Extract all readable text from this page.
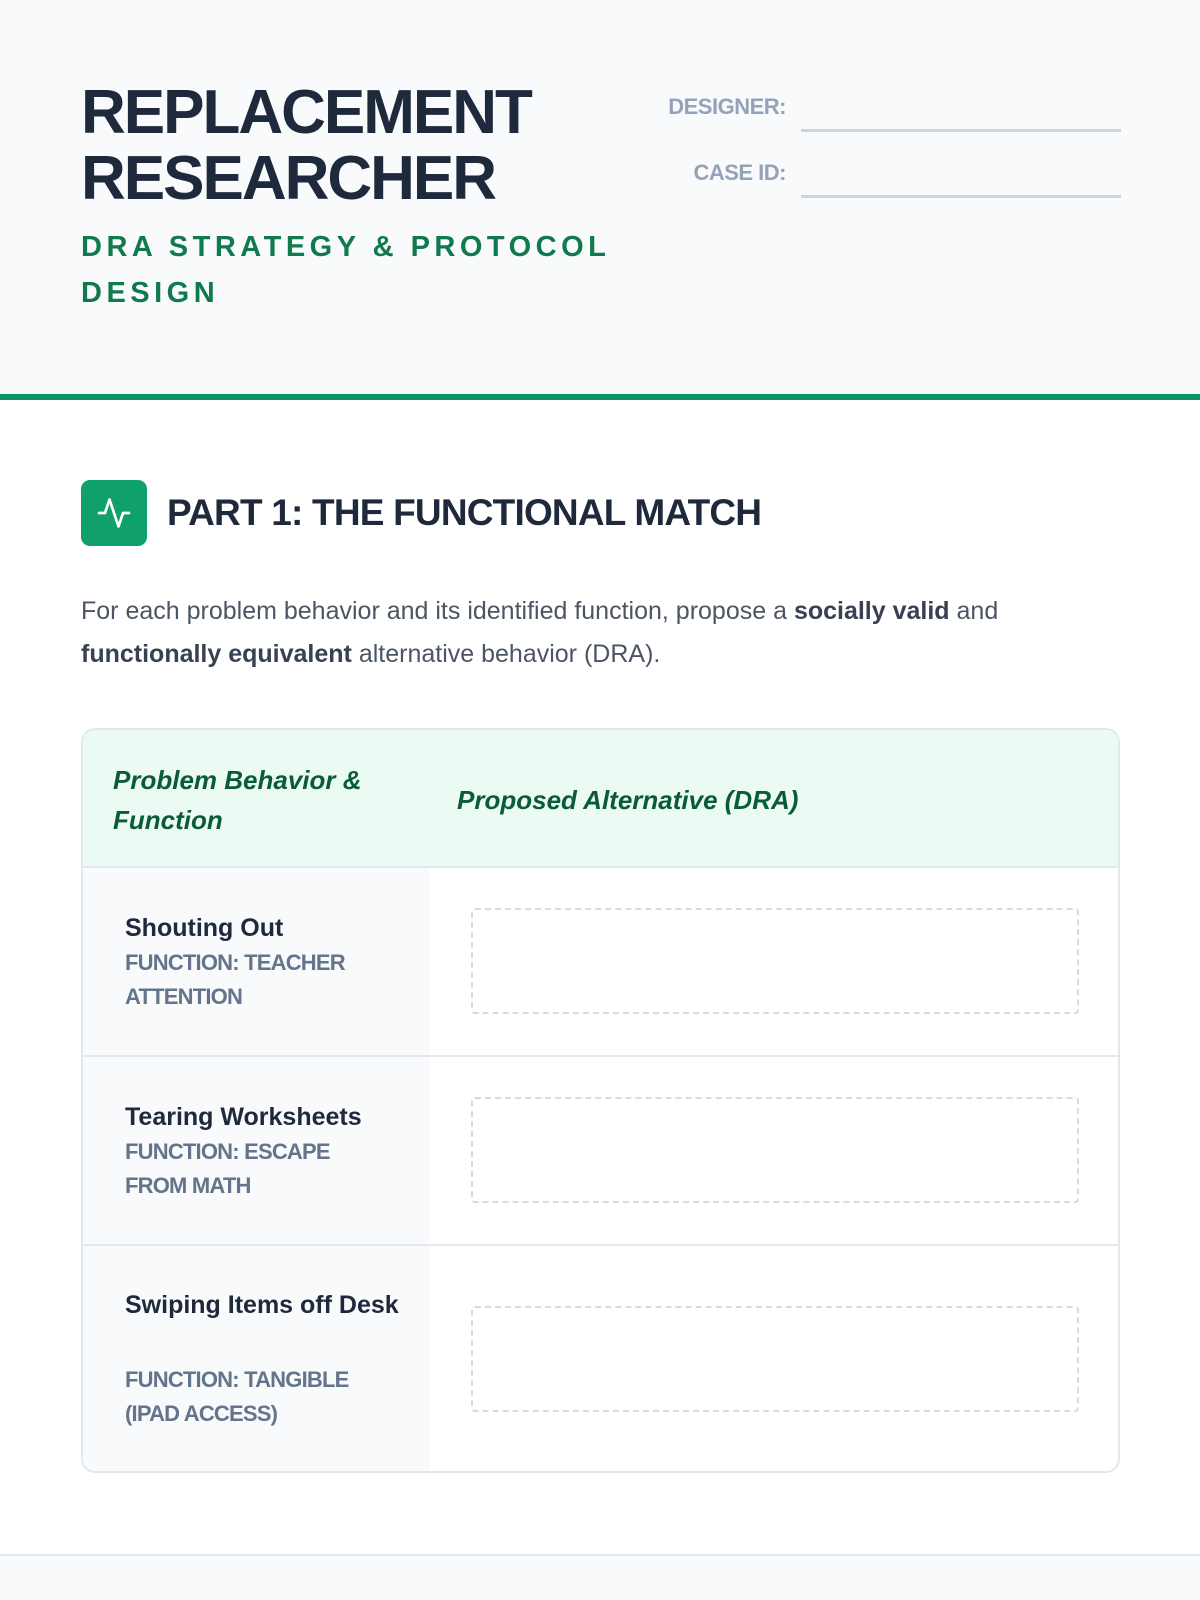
REPLACEMENT
RESEARCHER
DRA STRATEGY & PROTOCOL DESIGN
DESIGNER:
CASE ID:
PART 1: THE FUNCTIONAL MATCH

For each problem behavior and its identified function, propose a socially valid and functionally equivalent alternative behavior (DRA).

Problem Behavior & Function
Proposed Alternative (DRA)
Shouting Out
FUNCTION: TEACHER ATTENTION
Tearing Worksheets
FUNCTION: ESCAPE FROM MATH
Swiping Items off Desk
FUNCTION: TANGIBLE (IPAD ACCESS)
